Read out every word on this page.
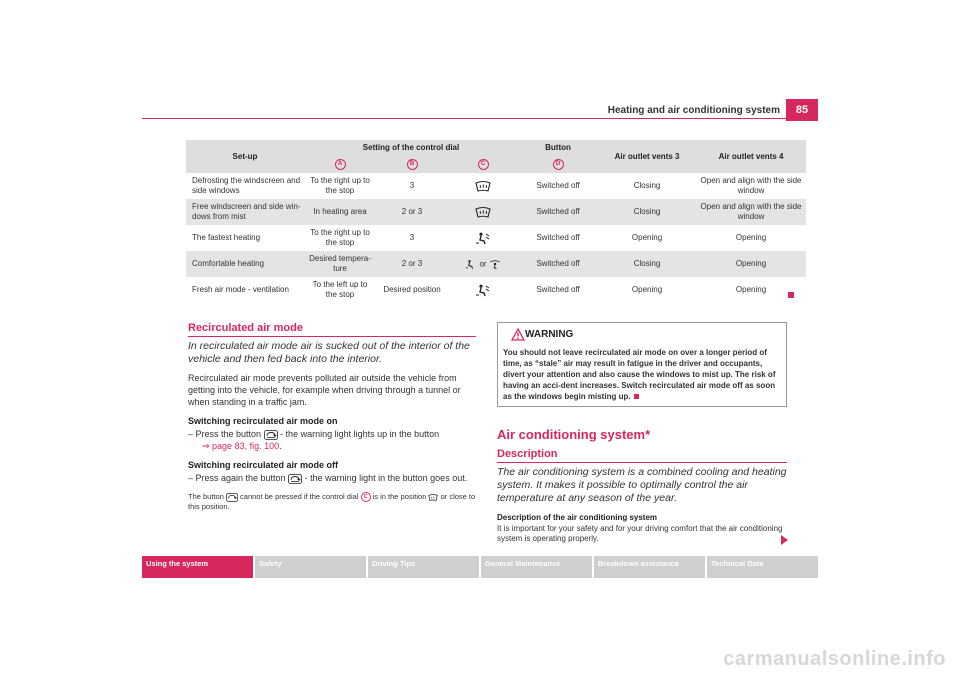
Heating and air conditioning system	85
Set-up	Setting of the control dial			Button	Air outlet vents 3	Air outlet vents 4
	A	B	C	D		
Defrosting the windscreen and side windows	To the right up to the stop	3		Switched off	Closing	Open and align with the side window
Free windscreen and side win-dows from mist	In heating area	2 or 3		Switched off	Closing	Open and align with the side window
The fastest heating	To the right up to the stop	3		Switched off	Opening	Opening
Comfortable heating	Desired tempera-ture	2 or 3	or	Switched off	Closing	Opening
Fresh air mode - ventilation	To the left up to the stop	Desired position		Switched off	Opening	Opening
Recirculated air mode
In recirculated air mode air is sucked out of the interior of the vehicle and then fed back into the interior.
Recirculated air mode prevents polluted air outside the vehicle from getting into the vehicle, for example when driving through a tunnel or when standing in a traffic jam.
Switching recirculated air mode on
– Press the button  - the warning light lights up in the button
⇒ page 83, fig. 100.
Switching recirculated air mode off
– Press again the button  - the warning light in the button goes out.
The button  cannot be pressed if the control dial C is in the position  or close to this position.
WARNING
You should not leave recirculated air mode on over a longer period of time, as “stale” air may result in fatigue in the driver and occupants, divert your attention and also cause the windows to mist up. The risk of having an acci-dent increases. Switch recirculated air mode off as soon as the windows begin misting up.
Air conditioning system*
Description
The air conditioning system is a combined cooling and heating system. It makes it possible to optimally control the air temperature at any season of the year.
Description of the air conditioning system
It is important for your safety and for your driving comfort that the air conditioning system is operating properly.
Using the system	Safety	Driving Tips	General Maintenance	Breakdown assistance	Technical Data
carmanualsonline.info
